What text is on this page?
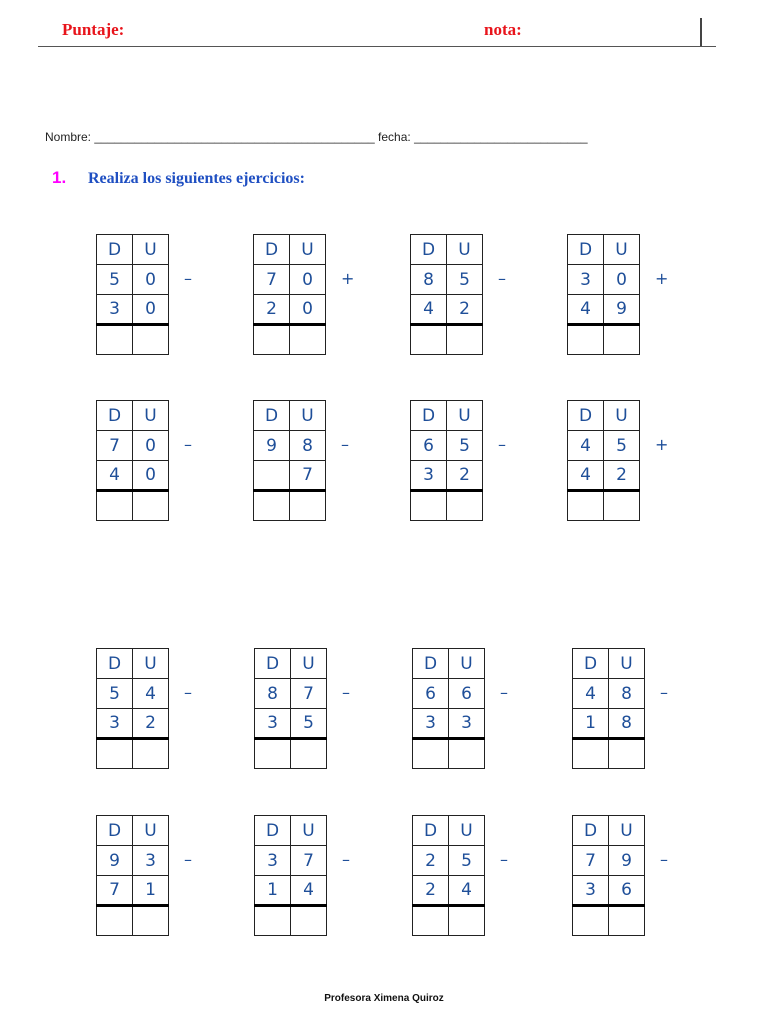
Puntaje:	nota:
Nombre: __________________________________________ fecha: __________________________
1. Realiza los siguientes ejercicios:
D	U
5	0
3	0

–
D	U
7	0
2	0

+
D	U
8	5
4	2

–
D	U
3	0
4	9

+
D	U
7	0
4	0

–
D	U
9	8
	7

–
D	U
6	5
3	2

–
D	U
4	5
4	2

+
D	U
5	4
3	2

–
D	U
8	7
3	5

–
D	U
6	6
3	3

–
D	U
4	8
1	8

–
D	U
9	3
7	1

–
D	U
3	7
1	4

–
D	U
2	5
2	4

–
D	U
7	9
3	6

–
Profesora Ximena Quiroz
